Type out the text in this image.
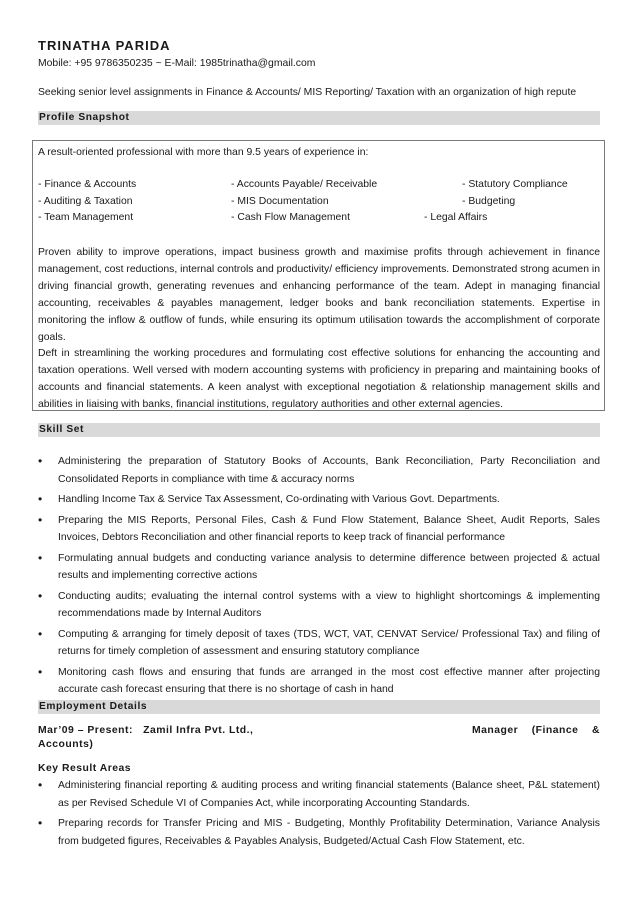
TRINATHA PARIDA
Mobile: +95 9786350235 ~ E-Mail: 1985trinatha@gmail.com
Seeking senior level assignments in Finance & Accounts/ MIS Reporting/ Taxation with an organization of high repute
Profile Snapshot
A result-oriented professional with more than 9.5 years of experience in:
- Finance & Accounts
- Auditing & Taxation
- Team Management
- Accounts Payable/ Receivable
- MIS Documentation
- Cash Flow Management
- Statutory Compliance
- Budgeting
- Legal Affairs
Proven ability to improve operations, impact business growth and maximise profits through achievement in finance management, cost reductions, internal controls and productivity/ efficiency improvements. Demonstrated strong acumen in driving financial growth, generating revenues and enhancing performance of the team. Adept in managing financial accounting, receivables & payables management, ledger books and bank reconciliation statements. Expertise in monitoring the inflow & outflow of funds, while ensuring its optimum utilisation towards the accomplishment of corporate goals.
Deft in streamlining the working procedures and formulating cost effective solutions for enhancing the accounting and taxation operations. Well versed with modern accounting systems with proficiency in preparing and maintaining books of accounts and financial statements. A keen analyst with exceptional negotiation & relationship management skills and abilities in liaising with banks, financial institutions, regulatory authorities and other external agencies.
Skill Set
• Administering the preparation of Statutory Books of Accounts, Bank Reconciliation, Party Reconciliation and Consolidated Reports in compliance with time & accuracy norms
• Handling Income Tax & Service Tax Assessment, Co-ordinating with Various Govt. Departments.
• Preparing the MIS Reports, Personal Files, Cash & Fund Flow Statement, Balance Sheet, Audit Reports, Sales Invoices, Debtors Reconciliation and other financial reports to keep track of financial performance
• Formulating annual budgets and conducting variance analysis to determine difference between projected & actual results and implementing corrective actions
• Conducting audits; evaluating the internal control systems with a view to highlight shortcomings & implementing recommendations made by Internal Auditors
• Computing & arranging for timely deposit of taxes (TDS, WCT, VAT, CENVAT Service/ Professional Tax) and filing of returns for timely completion of assessment and ensuring statutory compliance
• Monitoring cash flows and ensuring that funds are arranged in the most cost effective manner after projecting accurate cash forecast ensuring that there is no shortage of cash in hand
Employment Details
Mar’09 – Present:   Zamil Infra Pvt. Ltd.,	Manager    (Finance    &
Accounts)
Key Result Areas
• Administering financial reporting & auditing process and writing financial statements (Balance sheet, P&L statement) as per Revised Schedule VI of Companies Act, while incorporating Accounting Standards.
• Preparing records for Transfer Pricing and MIS - Budgeting, Monthly Profitability Determination, Variance Analysis from budgeted figures, Receivables & Payables Analysis, Budgeted/Actual Cash Flow Statement, etc.
